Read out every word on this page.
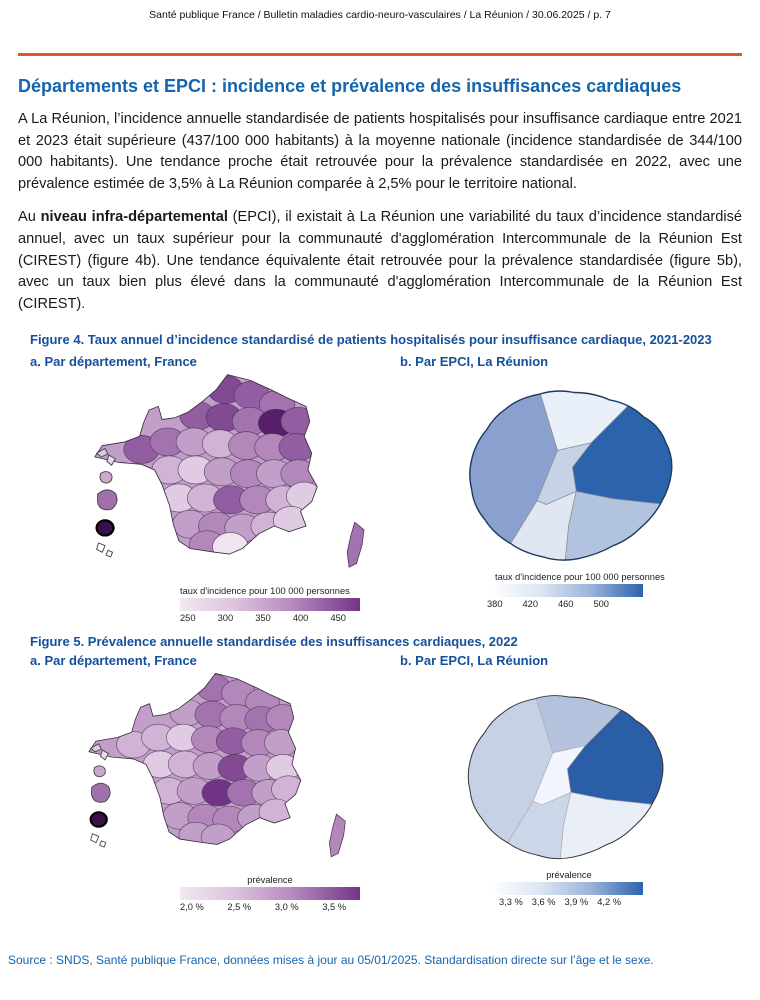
Santé publique France / Bulletin maladies cardio-neuro-vasculaires / La Réunion / 30.06.2025 / p. 7
Départements et EPCI : incidence et prévalence des insuffisances cardiaques
A La Réunion, l’incidence annuelle standardisée de patients hospitalisés pour insuffisance cardiaque entre 2021 et 2023 était supérieure (437/100 000 habitants) à la moyenne nationale (incidence standardisée de 344/100 000 habitants). Une tendance proche était retrouvée pour la prévalence standardisée en 2022, avec une prévalence estimée de 3,5% à La Réunion comparée à 2,5% pour le territoire national.
Au niveau infra-départemental (EPCI), il existait à La Réunion une variabilité du taux d’incidence standardisé annuel, avec un taux supérieur pour la communauté d'agglomération Intercommunale de la Réunion Est (CIREST) (figure 4b). Une tendance équivalente était retrouvée pour la prévalence standardisée (figure 5b), avec un taux bien plus élevé dans la communauté d'agglomération Intercommunale de la Réunion Est (CIREST).
Figure 4. Taux annuel d’incidence standardisé de patients hospitalisés pour insuffisance cardiaque, 2021-2023
a. Par département, France	b. Par EPCI, La Réunion
taux d'incidence pour 100 000 personnes
250 300 350 400 450
taux d'incidence pour 100 000 personnes
380 420 460 500
Figure 5. Prévalence annuelle standardisée des insuffisances cardiaques, 2022
a. Par département, France	b. Par EPCI, La Réunion
prévalence
2,0 %	2,5 %	3,0 %	3,5 %
prévalence
3,3 % 3,6 % 3,9 % 4,2 %
Source : SNDS, Santé publique France, données mises à jour au 05/01/2025. Standardisation directe sur l’âge et le sexe.
